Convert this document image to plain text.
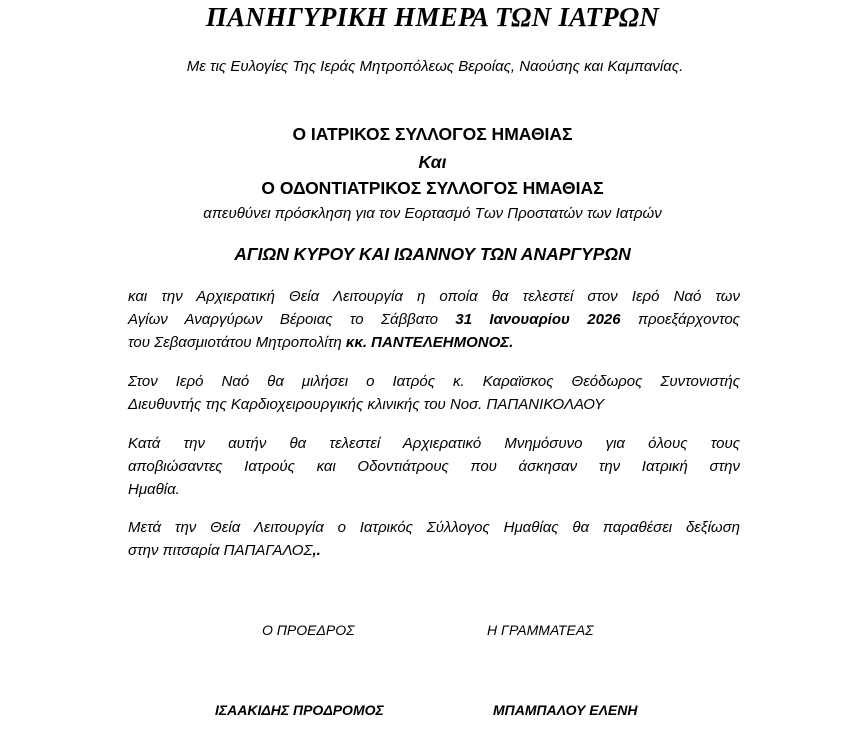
ΠΑΝΗΓΥΡΙΚΗ ΗΜΕΡΑ ΤΩΝ ΙΑΤΡΩΝ
Με τις Ευλογίες Της Ιεράς Μητροπόλεως Βεροίας, Ναούσης και Καμπανίας.
Ο ΙΑΤΡΙΚΟΣ ΣΥΛΛΟΓΟΣ ΗΜΑΘΙΑΣ
Και
Ο ΟΔΟΝΤΙΑΤΡΙΚΟΣ ΣΥΛΛΟΓΟΣ ΗΜΑΘΙΑΣ
απευθύνει πρόσκληση για τον Εορτασμό Των Προστατών των Ιατρών
ΑΓΙΩΝ ΚΥΡΟΥ ΚΑΙ ΙΩΑΝΝΟΥ ΤΩΝ ΑΝΑΡΓΥΡΩΝ
και την Αρχιερατική Θεία Λειτουργία η οποία θα τελεστεί στον Ιερό Ναό των
Αγίων Αναργύρων Βέροιας το Σάββατο 31 Ιανουαρίου 2026 προεξάρχοντος
του Σεβασμιοτάτου Μητροπολίτη κκ. ΠΑΝΤΕΛΕΗΜΟΝΟΣ.
Στον Ιερό Ναό θα μιλήσει ο Ιατρός κ. Καραϊσκος Θεόδωρος Συντονιστής
Διευθυντής της Καρδιοχειρουργικής κλινικής του Νοσ. ΠΑΠΑΝΙΚΟΛΑΟΥ
Κατά την αυτήν θα τελεστεί Αρχιερατικό Μνημόσυνο για όλους τους
αποβιώσαντες Ιατρούς και Οδοντιάτρους που άσκησαν την Ιατρική στην
Ημαθία.
Μετά την Θεία Λειτουργία ο Ιατρικός Σύλλογος Ημαθίας θα παραθέσει δεξίωση
στην πιτσαρία ΠΑΠΑΓΑΛΟΣ,.
Ο ΠΡΟΕΔΡΟΣ	Η ΓΡΑΜΜΑΤΕΑΣ
ΙΣΑΑΚΙΔΗΣ ΠΡΟΔΡΟΜΟΣ	ΜΠΑΜΠΑΛΟΥ ΕΛΕΝΗ
